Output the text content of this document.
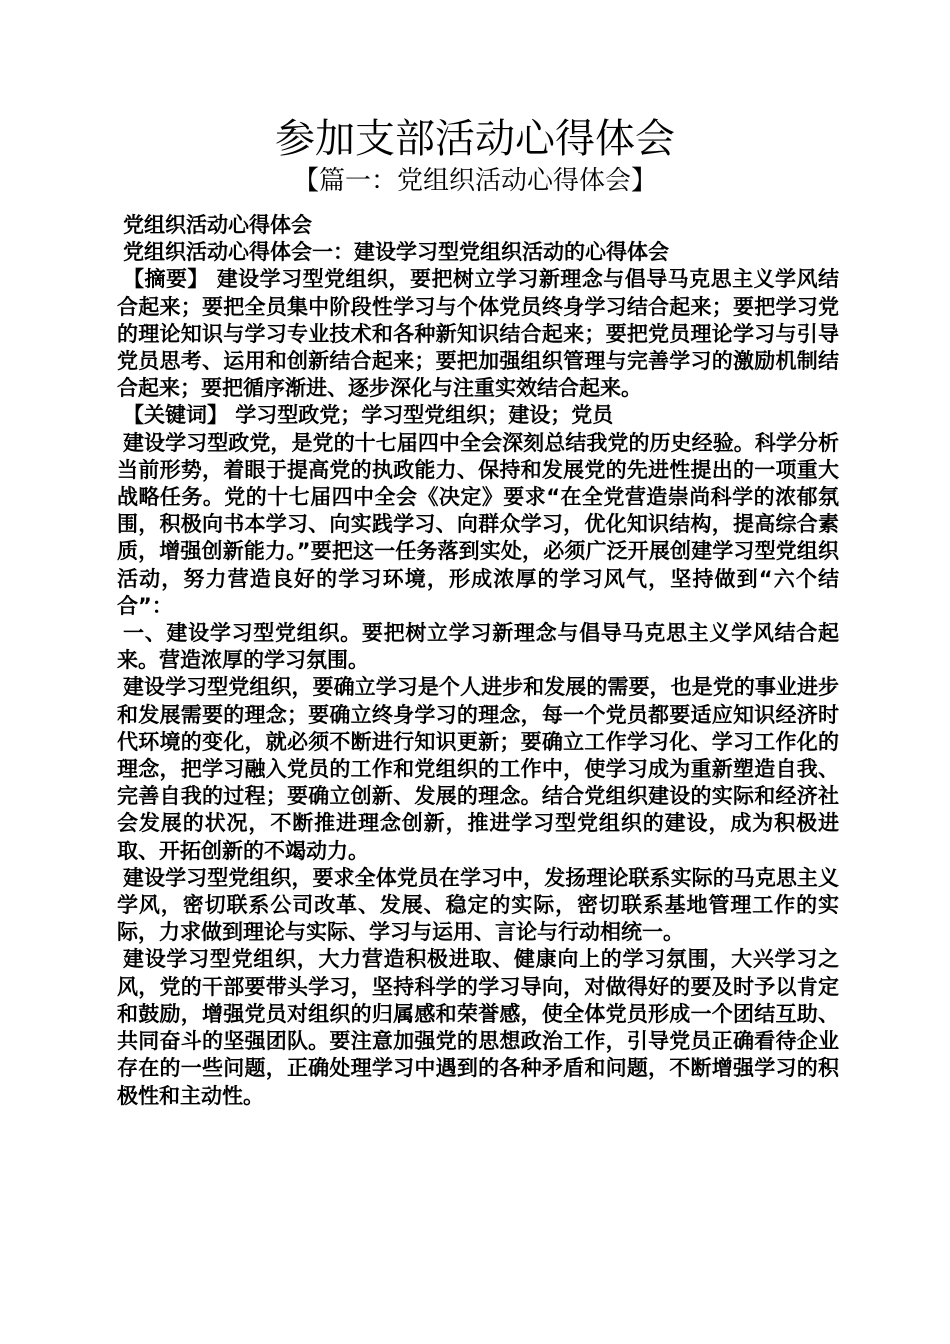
参加支部活动心得体会
【篇一：党组织活动心得体会】

党组织活动心得体会

党组织活动心得体会一：建设学习型党组织活动的心得体会

【摘要】 建设学习型党组织，要把树立学习新理念与倡导马克思主义学风结合起来；要把全员集中阶段性学习与个体党员终身学习结合起来；要把学习党的理论知识与学习专业技术和各种新知识结合起来；要把党员理论学习与引导党员思考、运用和创新结合起来；要把加强组织管理与完善学习的激励机制结合起来；要把循序渐进、逐步深化与注重实效结合起来。

【关键词】 学习型政党；学习型党组织；建设；党员

建设学习型政党，是党的十七届四中全会深刻总结我党的历史经验。科学分析当前形势，着眼于提高党的执政能力、保持和发展党的先进性提出的一项重大战略任务。党的十七届四中全会《决定》要求“在全党营造崇尚科学的浓郁氛围，积极向书本学习、向实践学习、向群众学习，优化知识结构，提高综合素质，增强创新能力。”要把这一任务落到实处，必须广泛开展创建学习型党组织活动，努力营造良好的学习环境，形成浓厚的学习风气，坚持做到“六个结合”：

一、建设学习型党组织。要把树立学习新理念与倡导马克思主义学风结合起来。营造浓厚的学习氛围。

建设学习型党组织，要确立学习是个人进步和发展的需要，也是党的事业进步和发展需要的理念；要确立终身学习的理念，每一个党员都要适应知识经济时代环境的变化，就必须不断进行知识更新；要确立工作学习化、学习工作化的理念，把学习融入党员的工作和党组织的工作中，使学习成为重新塑造自我、完善自我的过程；要确立创新、发展的理念。结合党组织建设的实际和经济社会发展的状况，不断推进理念创新，推进学习型党组织的建设，成为积极进取、开拓创新的不竭动力。

建设学习型党组织，要求全体党员在学习中，发扬理论联系实际的马克思主义学风，密切联系公司改革、发展、稳定的实际，密切联系基地管理工作的实际，力求做到理论与实际、学习与运用、言论与行动相统一。

建设学习型党组织，大力营造积极进取、健康向上的学习氛围，大兴学习之风，党的干部要带头学习，坚持科学的学习导向，对做得好的要及时予以肯定和鼓励，增强党员对组织的归属感和荣誉感，使全体党员形成一个团结互助、共同奋斗的坚强团队。要注意加强党的思想政治工作，引导党员正确看待企业存在的一些问题，正确处理学习中遇到的各种矛盾和问题，不断增强学习的积极性和主动性。
